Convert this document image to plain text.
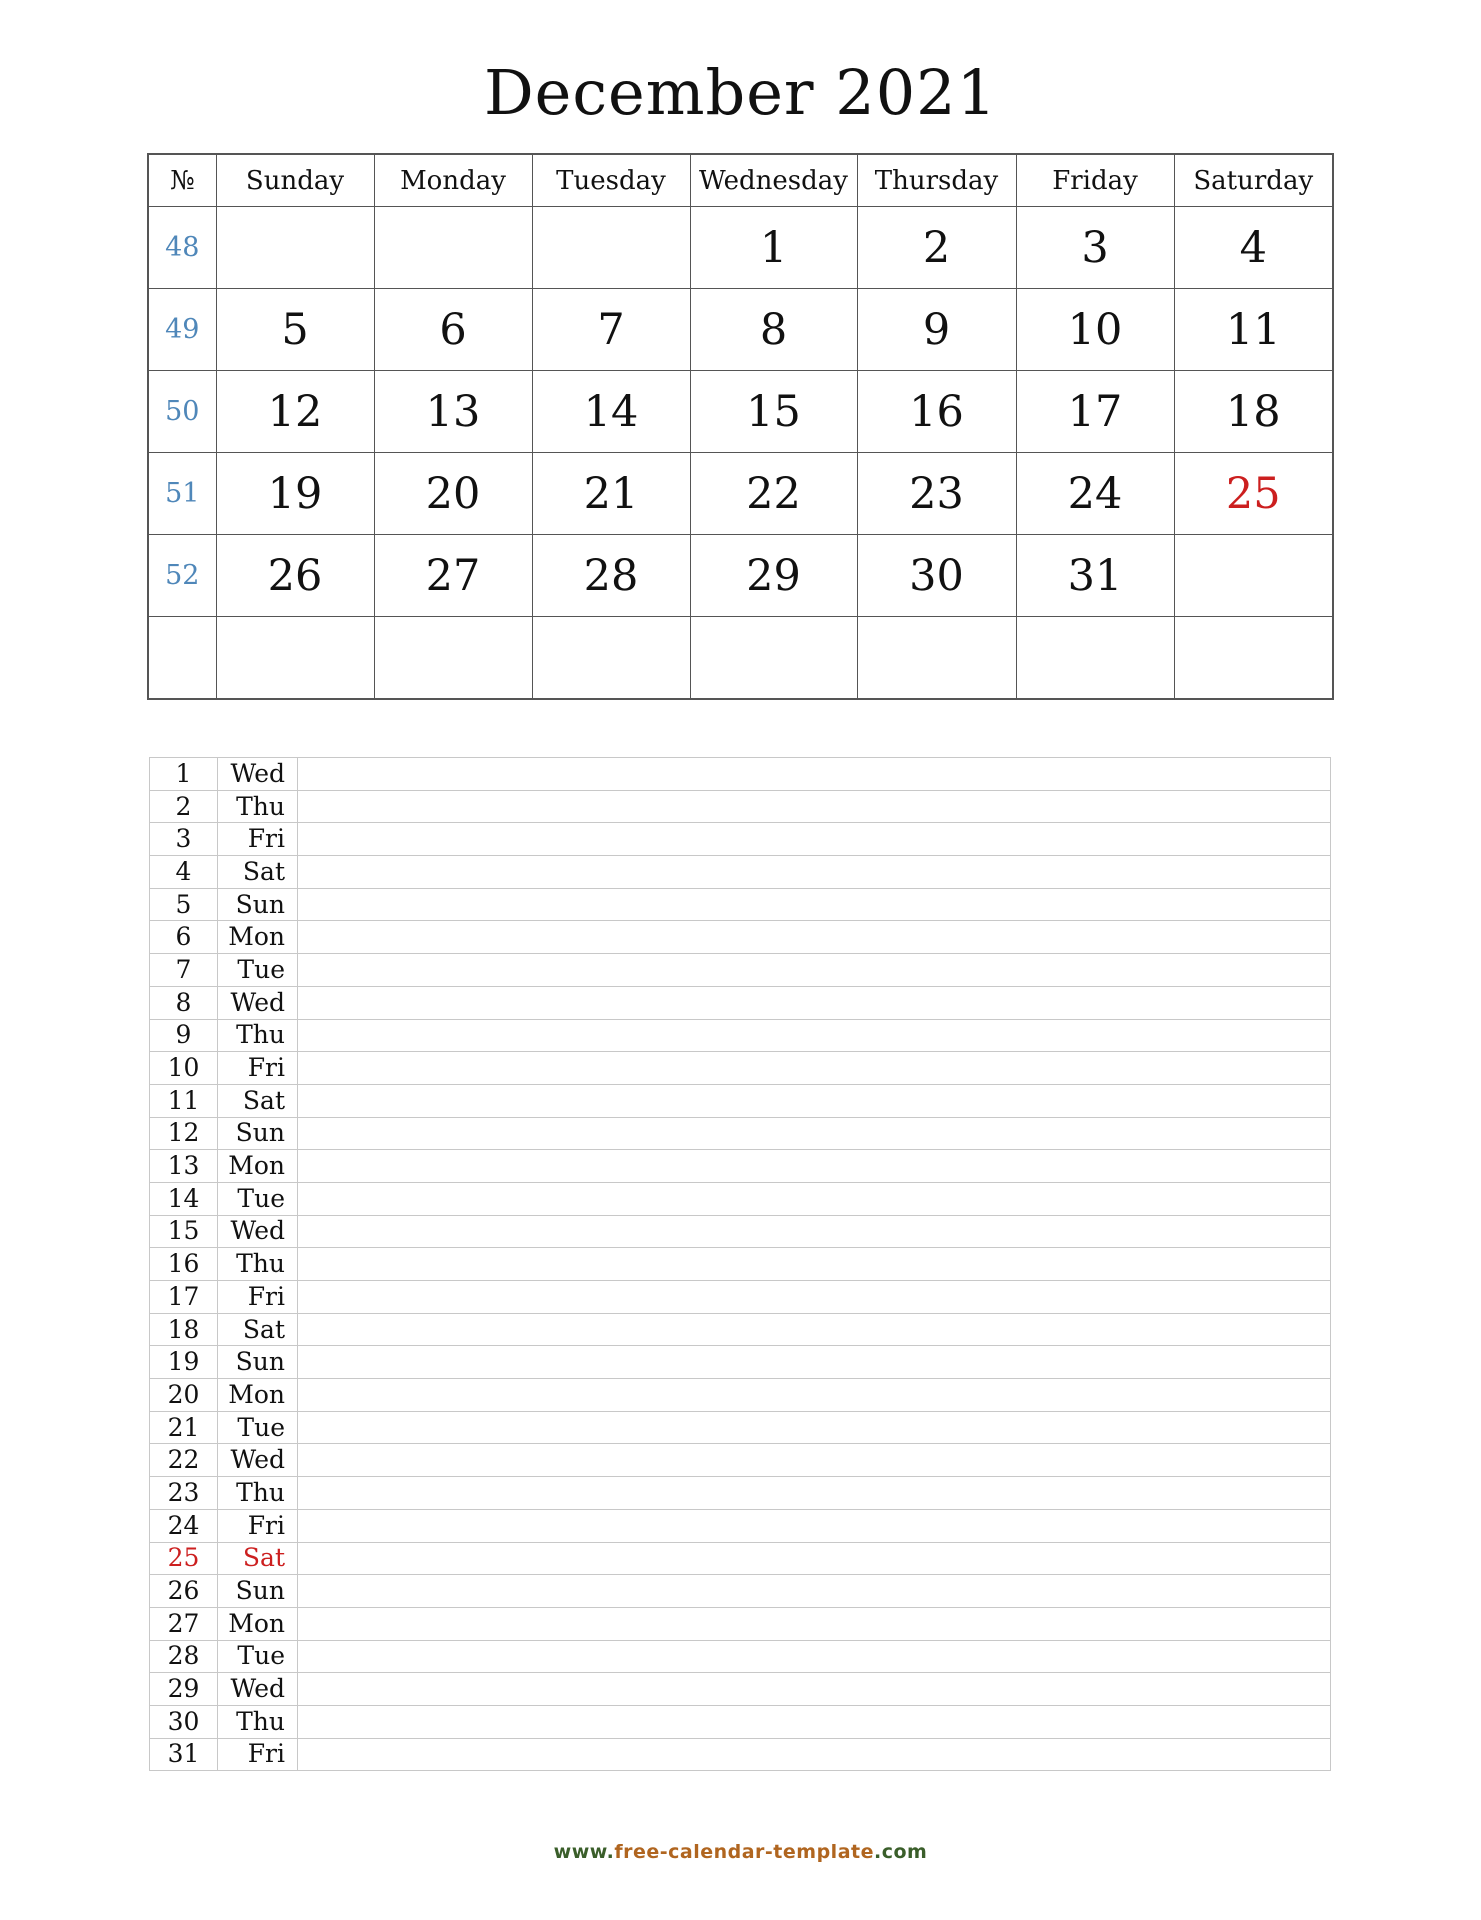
December 2021
№	Sunday	Monday	Tuesday	Wednesday	Thursday	Friday	Saturday
48				1	2	3	4
49	5	6	7	8	9	10	11
50	12	13	14	15	16	17	18
51	19	20	21	22	23	24	25
52	26	27	28	29	30	31	

1	Wed	
2	Thu	
3	Fri	
4	Sat	
5	Sun	
6	Mon	
7	Tue	
8	Wed	
9	Thu	
10	Fri	
11	Sat	
12	Sun	
13	Mon	
14	Tue	
15	Wed	
16	Thu	
17	Fri	
18	Sat	
19	Sun	
20	Mon	
21	Tue	
22	Wed	
23	Thu	
24	Fri	
25	Sat	
26	Sun	
27	Mon	
28	Tue	
29	Wed	
30	Thu	
31	Fri	
www.free-calendar-template.com
